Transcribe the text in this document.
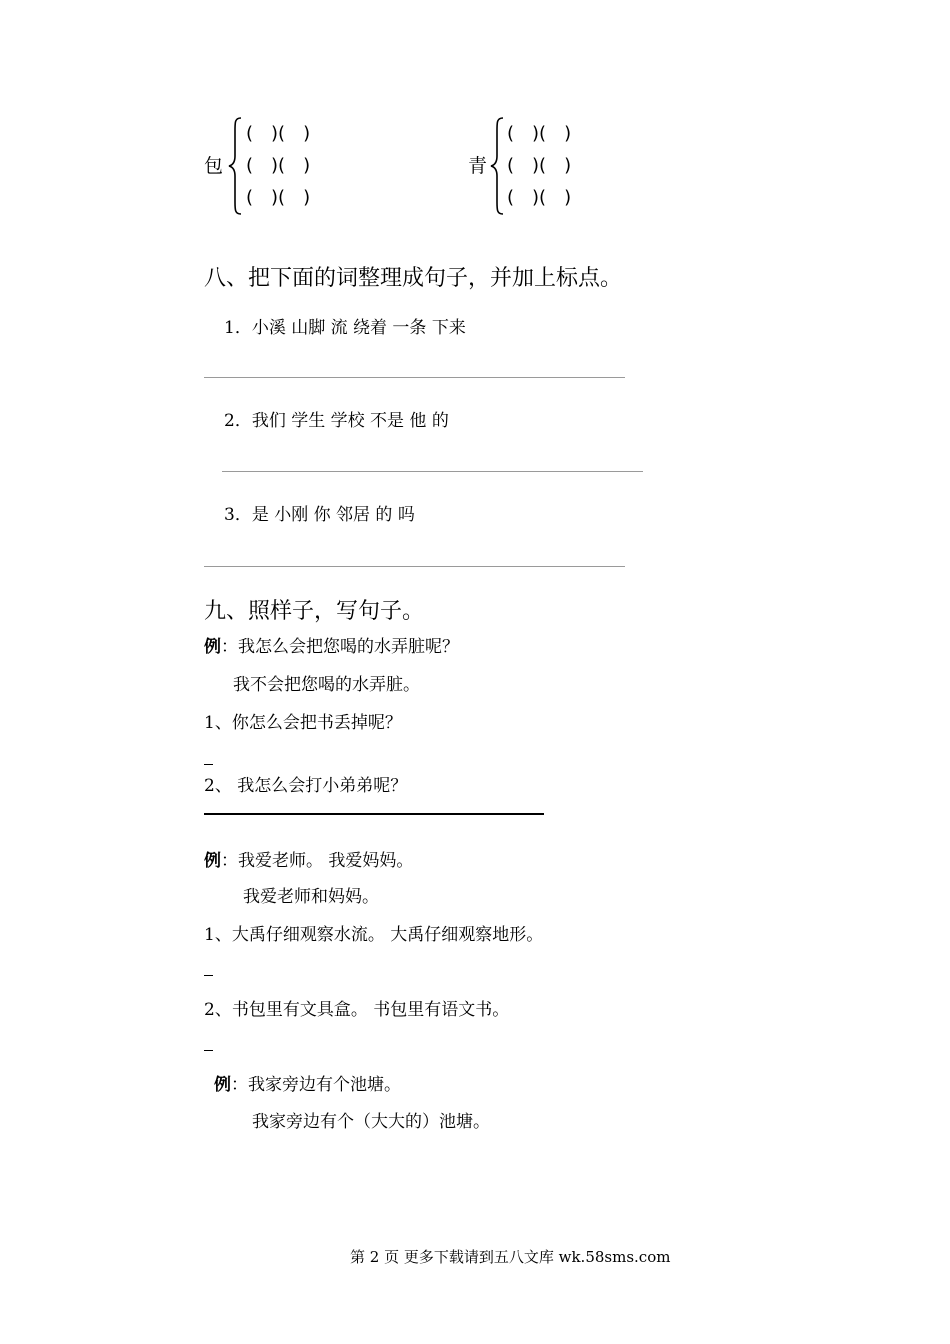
包
(　)(　)
(　)(　)
(　)(　)
青
(　)(　)
(　)(　)
(　)(　)
八、把下面的词整理成句子，并加上标点。
1．小溪 山脚 流 绕着 一条 下来
2．我们 学生 学校 不是 他 的
3．是 小刚 你 邻居 的 吗
九、照样子，写句子。
例：我怎么会把您喝的水弄脏呢？
我不会把您喝的水弄脏。
1、你怎么会把书丢掉呢？
2、 我怎么会打小弟弟呢？
例：我爱老师。 我爱妈妈。
我爱老师和妈妈。
1、大禹仔细观察水流。 大禹仔细观察地形。
2、书包里有文具盒。 书包里有语文书。
例：我家旁边有个池塘。
我家旁边有个（大大的）池塘。
第 2 页 更多下载请到五八文库 wk.58sms.com
